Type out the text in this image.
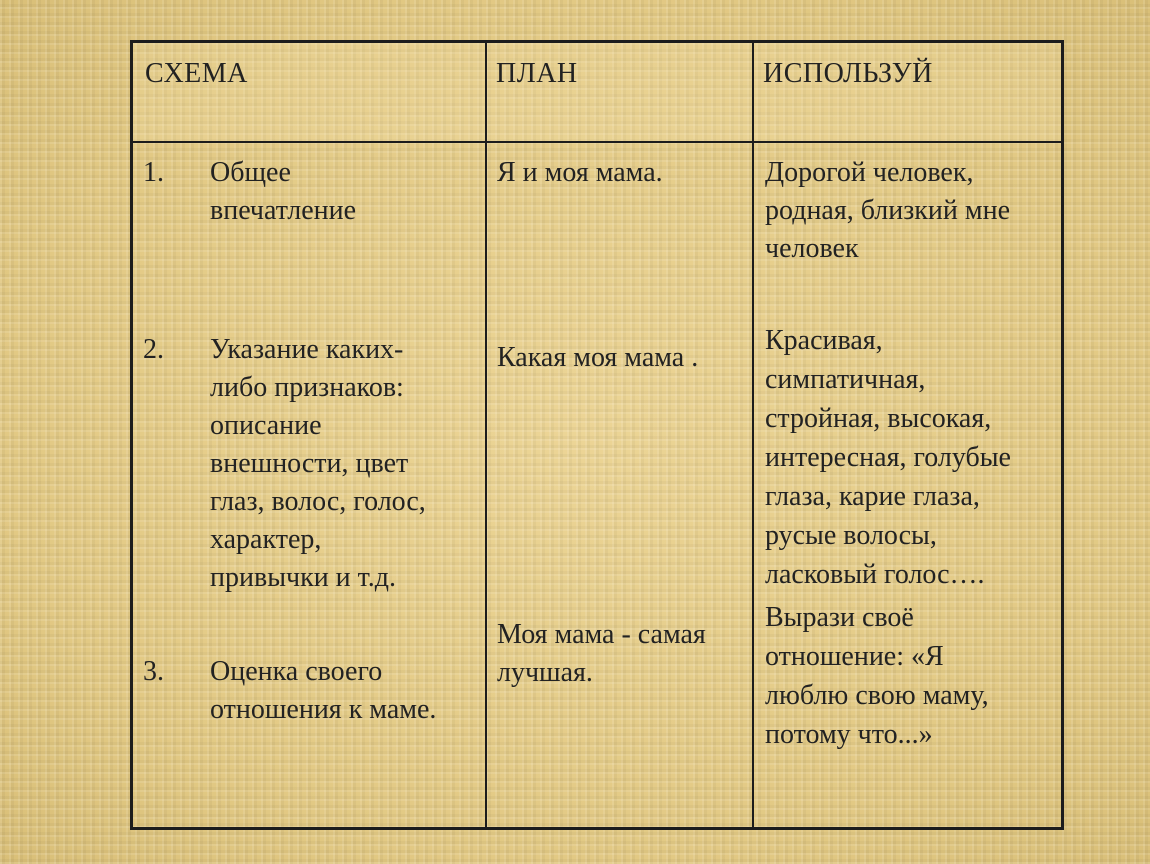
СХЕМА	ПЛАН	ИСПОЛЬЗУЙ
1. Общее
впечатление
2. Указание каких-
либо признаков:
описание
внешности, цвет
глаз, волос, голос,
характер,
привычки и т.д.
3. Оценка своего
отношения к маме.
Я и моя мама.
Какая моя мама .
Моя мама - самая
лучшая.
Дорогой человек,
родная, близкий мне
человек
Красивая,
симпатичная,
стройная, высокая,
интересная, голубые
глаза, карие глаза,
русые волосы,
ласковый голос….
Вырази своё
отношение: «Я
люблю свою маму,
потому что...»
